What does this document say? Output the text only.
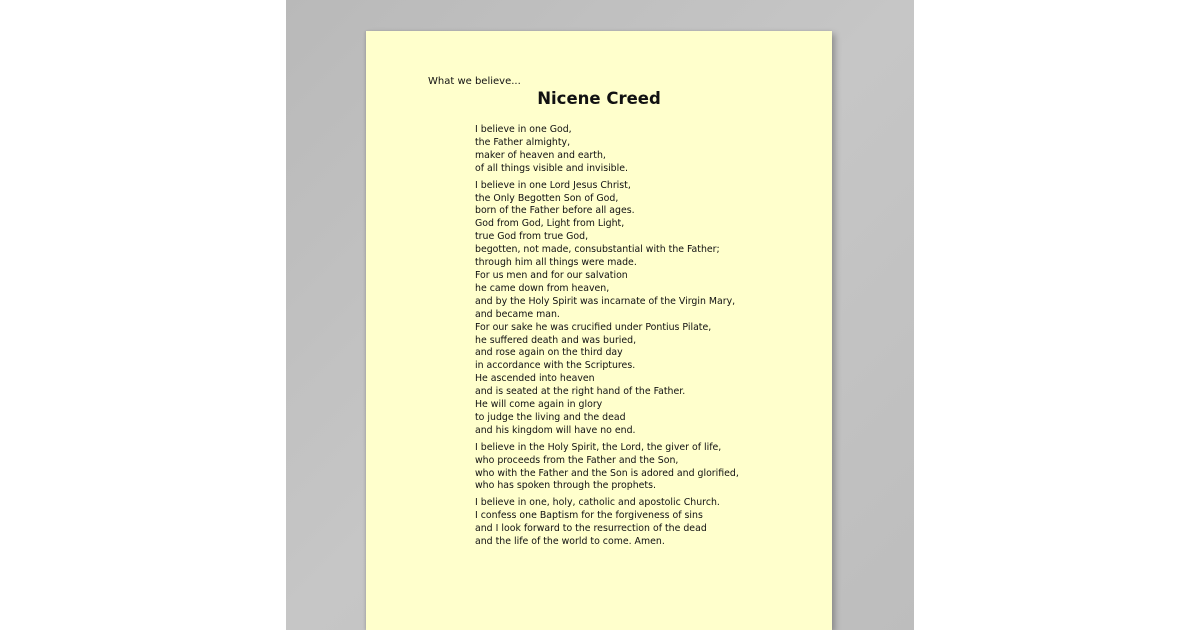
What we believe...
Nicene Creed
I believe in one God,
the Father almighty,
maker of heaven and earth,
of all things visible and invisible.
I believe in one Lord Jesus Christ,
the Only Begotten Son of God,
born of the Father before all ages.
God from God, Light from Light,
true God from true God,
begotten, not made, consubstantial with the Father;
through him all things were made.
For us men and for our salvation
he came down from heaven,
and by the Holy Spirit was incarnate of the Virgin Mary,
and became man.
For our sake he was crucified under Pontius Pilate,
he suffered death and was buried,
and rose again on the third day
in accordance with the Scriptures.
He ascended into heaven
and is seated at the right hand of the Father.
He will come again in glory
to judge the living and the dead
and his kingdom will have no end.
I believe in the Holy Spirit, the Lord, the giver of life,
who proceeds from the Father and the Son,
who with the Father and the Son is adored and glorified,
who has spoken through the prophets.
I believe in one, holy, catholic and apostolic Church.
I confess one Baptism for the forgiveness of sins
and I look forward to the resurrection of the dead
and the life of the world to come. Amen.
